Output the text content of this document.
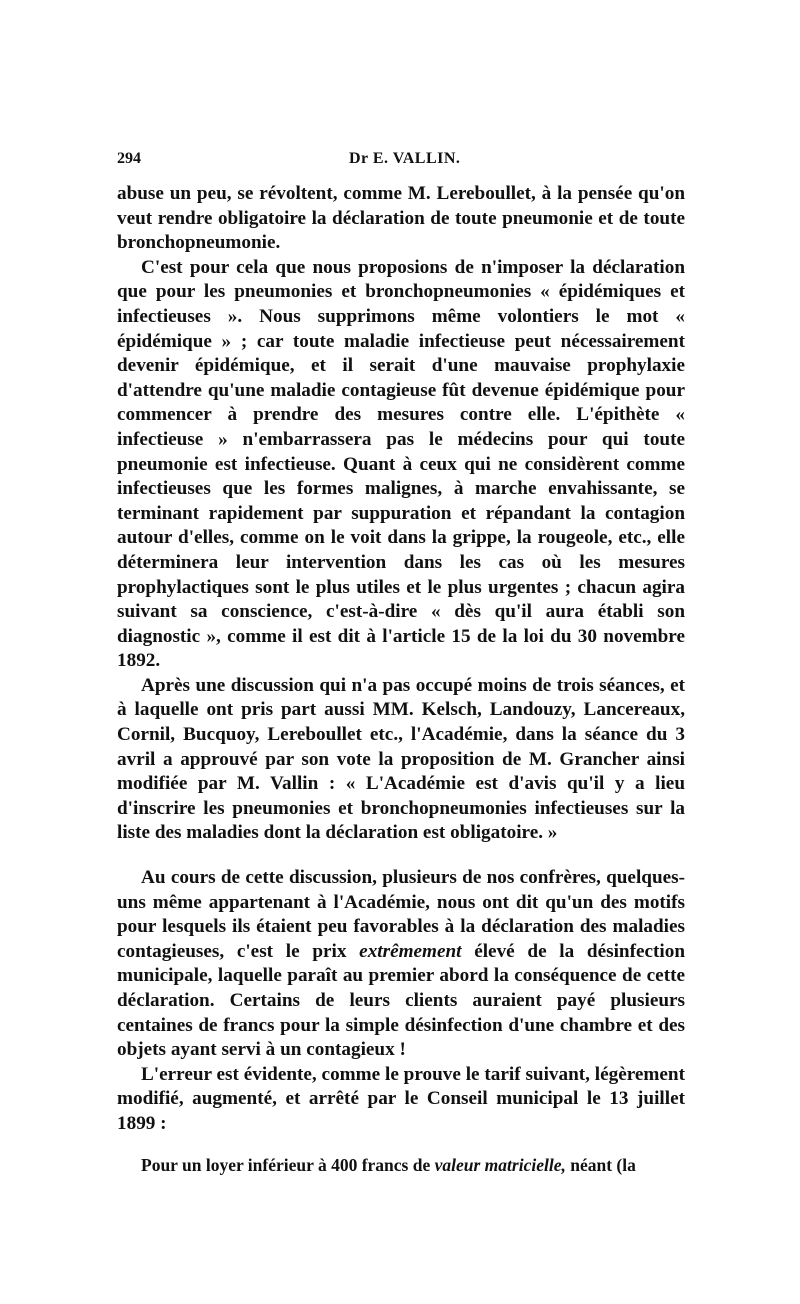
294	Dr E. VALLIN.

abuse un peu, se révoltent, comme M. Lereboullet, à la pensée qu'on veut rendre obligatoire la déclaration de toute pneumonie et de toute bronchopneumonie.

C'est pour cela que nous proposions de n'imposer la déclaration que pour les pneumonies et bronchopneumonies « épidémiques et infectieuses ». Nous supprimons même volontiers le mot « épidémique » ; car toute maladie infectieuse peut nécessairement devenir épidémique, et il serait d'une mauvaise prophylaxie d'attendre qu'une maladie contagieuse fût devenue épidémique pour commencer à prendre des mesures contre elle. L'épithète « infectieuse » n'embarrassera pas le médecins pour qui toute pneumonie est infectieuse. Quant à ceux qui ne considèrent comme infectieuses que les formes malignes, à marche envahissante, se terminant rapidement par suppuration et répandant la contagion autour d'elles, comme on le voit dans la grippe, la rougeole, etc., elle déterminera leur intervention dans les cas où les mesures prophylactiques sont le plus utiles et le plus urgentes ; chacun agira suivant sa conscience, c'est-à-dire « dès qu'il aura établi son diagnostic », comme il est dit à l'article 15 de la loi du 30 novembre 1892.

Après une discussion qui n'a pas occupé moins de trois séances, et à laquelle ont pris part aussi MM. Kelsch, Landouzy, Lancereaux, Cornil, Bucquoy, Lereboullet etc., l'Académie, dans la séance du 3 avril a approuvé par son vote la proposition de M. Grancher ainsi modifiée par M. Vallin : « L'Académie est d'avis qu'il y a lieu d'inscrire les pneumonies et bronchopneumonies infectieuses sur la liste des maladies dont la déclaration est obligatoire. »

Au cours de cette discussion, plusieurs de nos confrères, quelques-uns même appartenant à l'Académie, nous ont dit qu'un des motifs pour lesquels ils étaient peu favorables à la déclaration des maladies contagieuses, c'est le prix extrêmement élevé de la désinfection municipale, laquelle paraît au premier abord la conséquence de cette déclaration. Certains de leurs clients auraient payé plusieurs centaines de francs pour la simple désinfection d'une chambre et des objets ayant servi à un contagieux !

L'erreur est évidente, comme le prouve le tarif suivant, légèrement modifié, augmenté, et arrêté par le Conseil municipal le 13 juillet 1899 :

Pour un loyer inférieur à 400 francs de valeur matricielle, néant (la
